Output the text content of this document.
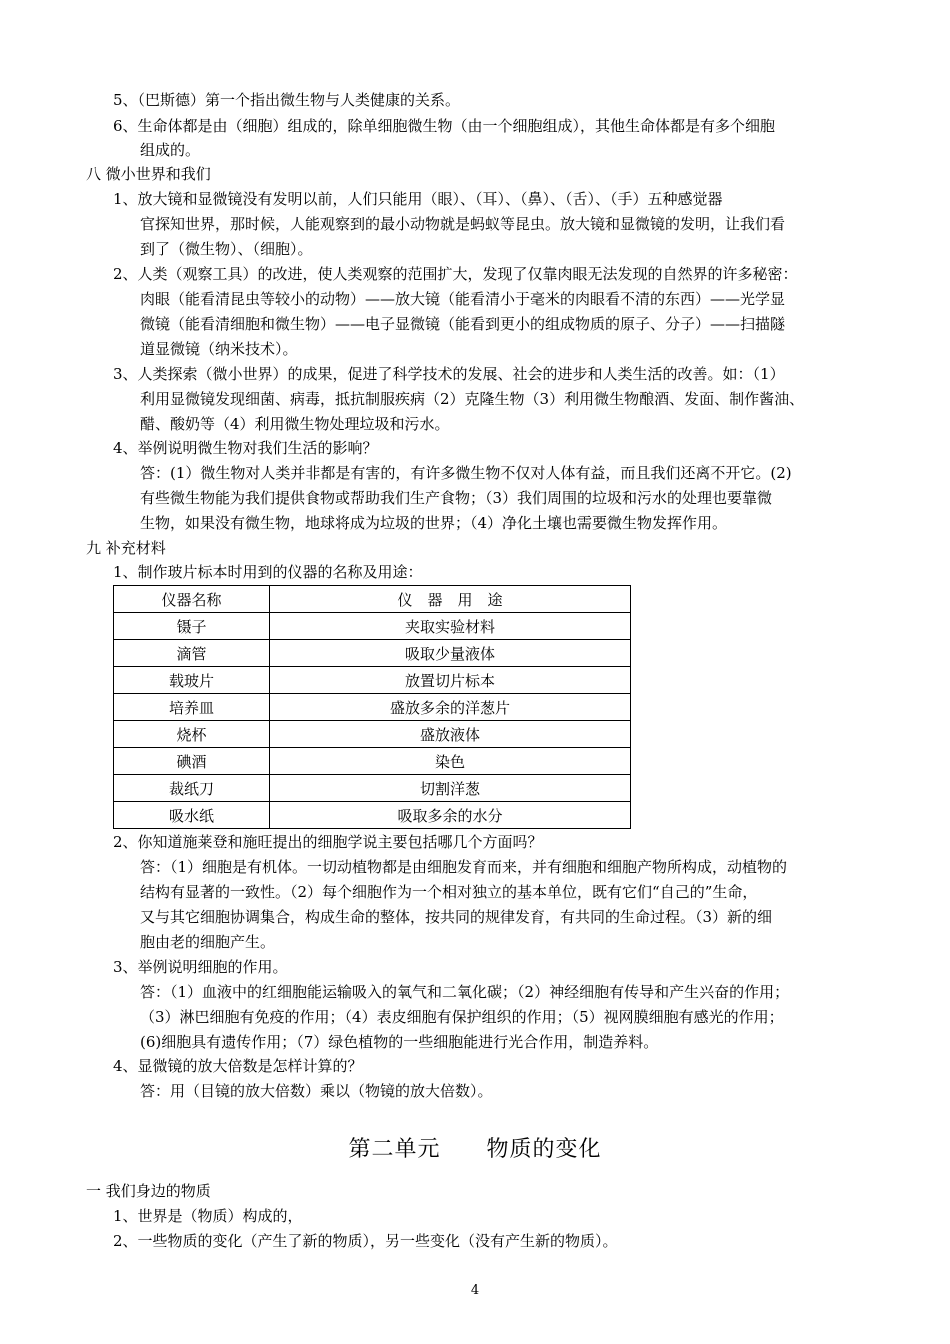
5、（巴斯德）第一个指出微生物与人类健康的关系。
6、生命体都是由（细胞）组成的，除单细胞微生物（由一个细胞组成），其他生命体都是有多个细胞
组成的。
八 微小世界和我们
1、放大镜和显微镜没有发明以前，人们只能用（眼）、（耳）、（鼻）、（舌）、（手）五种感觉器
官探知世界，那时候，人能观察到的最小动物就是蚂蚁等昆虫。放大镜和显微镜的发明，让我们看
到了（微生物）、（细胞）。
2、人类（观察工具）的改进，使人类观察的范围扩大，发现了仅靠肉眼无法发现的自然界的许多秘密：
肉眼（能看清昆虫等较小的动物）——放大镜（能看清小于毫米的肉眼看不清的东西）——光学显
微镜（能看清细胞和微生物）——电子显微镜（能看到更小的组成物质的原子、分子）——扫描隧
道显微镜（纳米技术）。
3、人类探索（微小世界）的成果，促进了科学技术的发展、社会的进步和人类生活的改善。如：（1）
利用显微镜发现细菌、病毒，抵抗制服疾病（2）克隆生物（3）利用微生物酿酒、发面、制作酱油、
醋、酸奶等（4）利用微生物处理垃圾和污水。
4、举例说明微生物对我们生活的影响？
答：(1）微生物对人类并非都是有害的，有许多微生物不仅对人体有益，而且我们还离不开它。(2)
有些微生物能为我们提供食物或帮助我们生产食物；（3）我们周围的垃圾和污水的处理也要靠微
生物，如果没有微生物，地球将成为垃圾的世界；（4）净化土壤也需要微生物发挥作用。
九 补充材料
1、制作玻片标本时用到的仪器的名称及用途：
仪器名称	仪　器　用　途
镊子	夹取实验材料
滴管	吸取少量液体
载玻片	放置切片标本
培养皿	盛放多余的洋葱片
烧杯	盛放液体
碘酒	染色
裁纸刀	切割洋葱
吸水纸	吸取多余的水分
2、你知道施莱登和施旺提出的细胞学说主要包括哪几个方面吗？
答：（1）细胞是有机体。一切动植物都是由细胞发育而来，并有细胞和细胞产物所构成，动植物的
结构有显著的一致性。（2）每个细胞作为一个相对独立的基本单位，既有它们“自己的”生命，
又与其它细胞协调集合，构成生命的整体，按共同的规律发育，有共同的生命过程。（3）新的细
胞由老的细胞产生。
3、举例说明细胞的作用。
答：（1）血液中的红细胞能运输吸入的氧气和二氧化碳；（2）神经细胞有传导和产生兴奋的作用；
（3）淋巴细胞有免疫的作用；（4）表皮细胞有保护组织的作用；（5）视网膜细胞有感光的作用；
(6)细胞具有遗传作用；（7）绿色植物的一些细胞能进行光合作用，制造养料。
4、显微镜的放大倍数是怎样计算的？
答：用（目镜的放大倍数）乘以（物镜的放大倍数）。
第二单元 物质的变化
一 我们身边的物质
1、世界是（物质）构成的，
2、一些物质的变化（产生了新的物质），另一些变化（没有产生新的物质）。
4
